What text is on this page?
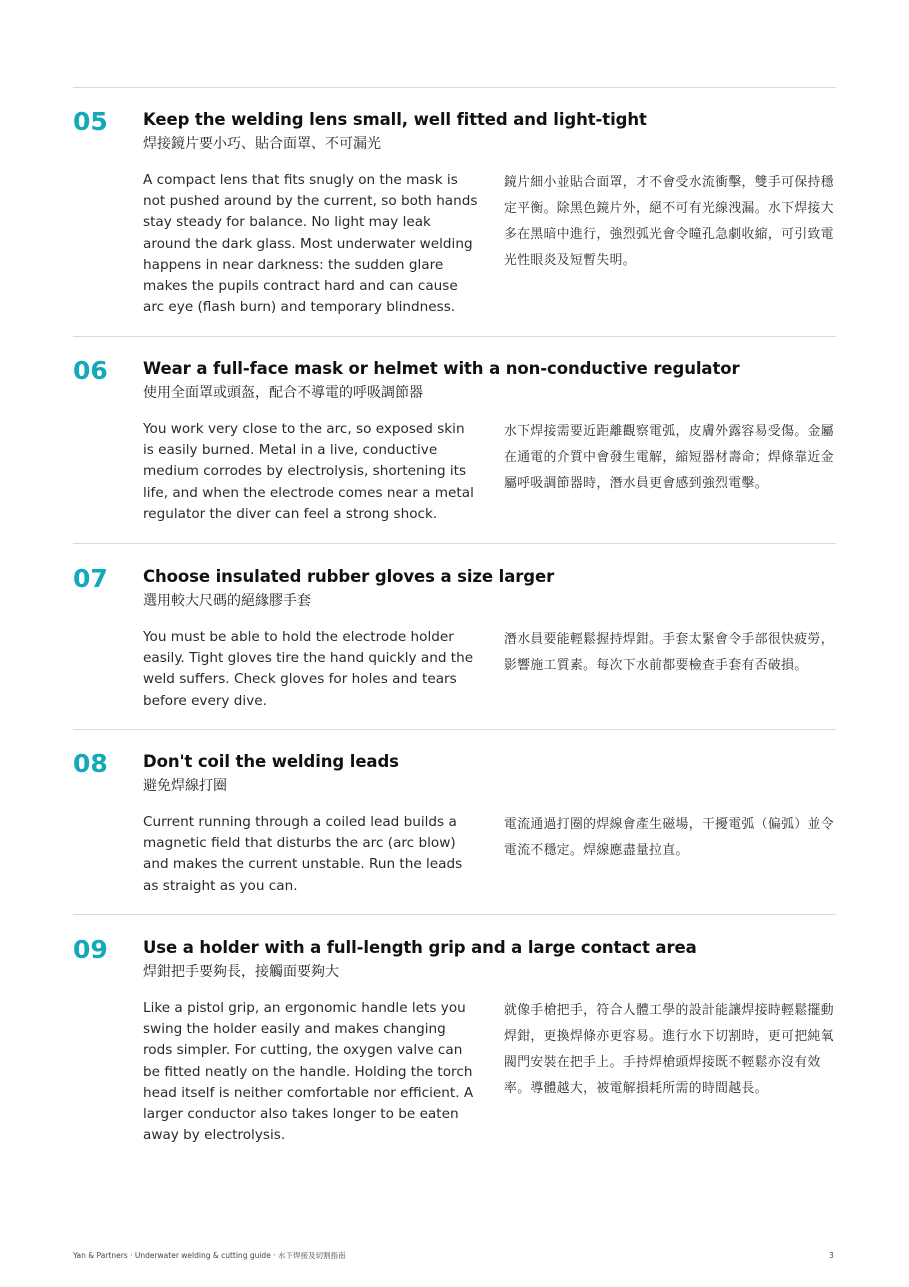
05 Keep the welding lens small, well fitted and light-tight
焊接鏡片要小巧、貼合面罩、不可漏光
A compact lens that fits snugly on the mask is not pushed around by the current, so both hands stay steady for balance. No light may leak around the dark glass. Most underwater welding happens in near darkness: the sudden glare makes the pupils contract hard and can cause arc eye (flash burn) and temporary blindness.
鏡片細小並貼合面罩，才不會受水流衝擊，雙手可保持穩定平衡。除黑色鏡片外，絕不可有光線洩漏。水下焊接大多在黑暗中進行，強烈弧光會令瞳孔急劇收縮，可引致電光性眼炎及短暫失明。
06 Wear a full-face mask or helmet with a non-conductive regulator
使用全面罩或頭盔，配合不導電的呼吸調節器
You work very close to the arc, so exposed skin is easily burned. Metal in a live, conductive medium corrodes by electrolysis, shortening its life, and when the electrode comes near a metal regulator the diver can feel a strong shock.
水下焊接需要近距離觀察電弧，皮膚外露容易受傷。金屬在通電的介質中會發生電解，縮短器材壽命；焊條靠近金屬呼吸調節器時，潛水員更會感到強烈電擊。
07 Choose insulated rubber gloves a size larger
選用較大尺碼的絕緣膠手套
You must be able to hold the electrode holder easily. Tight gloves tire the hand quickly and the weld suffers. Check gloves for holes and tears before every dive.
潛水員要能輕鬆握持焊鉗。手套太緊會令手部很快疲勞，影響施工質素。每次下水前都要檢查手套有否破損。
08 Don't coil the welding leads
避免焊線打圈
Current running through a coiled lead builds a magnetic field that disturbs the arc (arc blow) and makes the current unstable. Run the leads as straight as you can.
電流通過打圈的焊線會產生磁場，干擾電弧（偏弧）並令電流不穩定。焊線應盡量拉直。
09 Use a holder with a full-length grip and a large contact area
焊鉗把手要夠長，接觸面要夠大
Like a pistol grip, an ergonomic handle lets you swing the holder easily and makes changing rods simpler. For cutting, the oxygen valve can be fitted neatly on the handle. Holding the torch head itself is neither comfortable nor efficient. A larger conductor also takes longer to be eaten away by electrolysis.
就像手槍把手，符合人體工學的設計能讓焊接時輕鬆擺動焊鉗，更換焊條亦更容易。進行水下切割時，更可把純氧閥門安裝在把手上。手持焊槍頭焊接既不輕鬆亦沒有效率。導體越大，被電解損耗所需的時間越長。
Yan & Partners · Underwater welding & cutting guide · 水下焊接及切割指南	3
